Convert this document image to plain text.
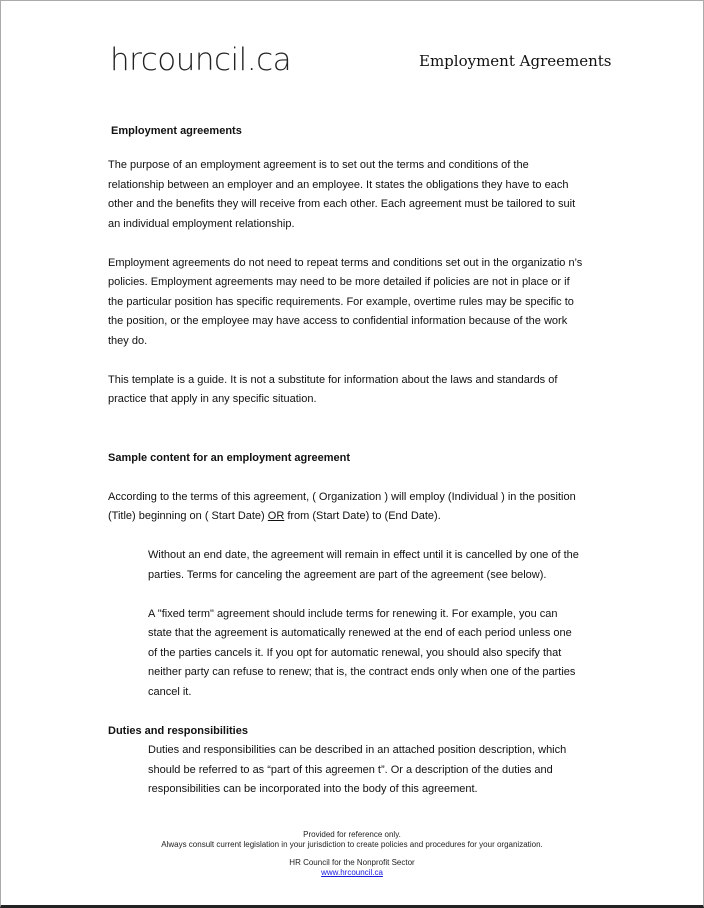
hrcouncil.ca	Employment Agreements
Employment agreements
The purpose of an employment agreement is to set out the terms and conditions of the
relationship between an employer and an employee. It states the obligations they have to each
other and the benefits they will receive from each other. Each agreement must be tailored to suit
an individual employment relationship.
Employment agreements do not need to repeat terms and conditions set out in the organizatio n’s
policies. Employment agreements may need to be more detailed if policies are not in place or if
the particular position has specific requirements. For example, overtime rules may be specific to
the position, or the employee may have access to confidential information because of the work
they do.
This template is a guide. It is not a substitute for information about the laws and standards of
practice that apply in any specific situation.
Sample content for an employment agreement
According to the terms of this agreement, ( Organization ) will employ (Individual ) in the position
(Title) beginning on ( Start Date) OR from (Start Date) to (End Date).
Without an end date, the agreement will remain in effect until it is cancelled by one of the
parties. Terms for canceling the agreement are part of the agreement (see below).
A "fixed term" agreement should include terms for renewing it. For example, you can
state that the agreement is automatically renewed at the end of each period unless one
of the parties cancels it. If you opt for automatic renewal, you should also specify that
neither party can refuse to renew; that is, the contract ends only when one of the parties
cancel it.
Duties and responsibilities
Duties and responsibilities can be described in an attached position description, which
should be referred to as “part of this agreemen t”. Or a description of the duties and
responsibilities can be incorporated into the body of this agreement.
Provided for reference only.
Always consult current legislation in your jurisdiction to create policies and procedures for your organization.
HR Council for the Nonprofit Sector
www.hrcouncil.ca
